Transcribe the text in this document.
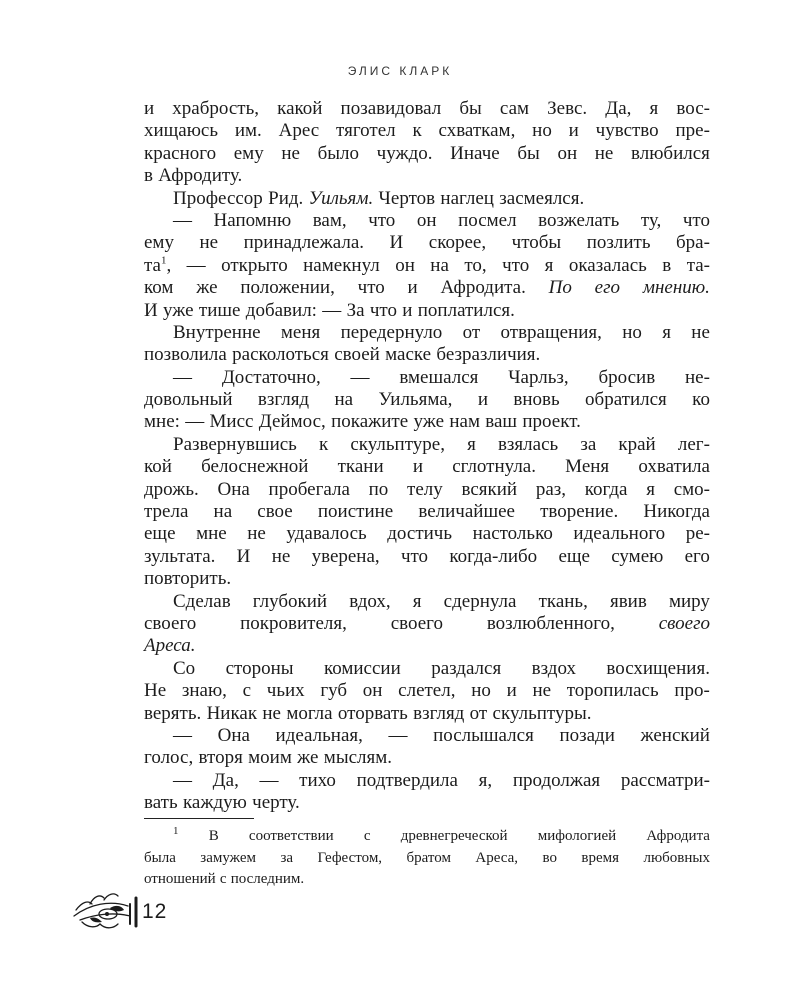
ЭЛИС КЛАРК
и храбрость, какой позавидовал бы сам Зевс. Да, я вос-
хищаюсь им. Арес тяготел к схваткам, но и чувство пре-
красного ему не было чуждо. Иначе бы он не влюбился
в Афродиту.
Профессор Рид. Уильям. Чертов наглец засмеялся.
— Напомню вам, что он посмел возжелать ту, что
ему не принадлежала. И скорее, чтобы позлить бра-
$та^1$, — открыто намекнул он на то, что я оказалась в та-
ком же положении, что и Афродита. По его мнению.
И уже тише добавил: — За что и поплатился.
Внутренне меня передернуло от отвращения, но я не
позволила расколоться своей маске безразличия.
— Достаточно, — вмешался Чарльз, бросив не-
довольный взгляд на Уильяма, и вновь обратился ко
мне: — Мисс Деймос, покажите уже нам ваш проект.
Развернувшись к скульптуре, я взялась за край лег-
кой белоснежной ткани и сглотнула. Меня охватила
дрожь. Она пробегала по телу всякий раз, когда я смо-
трела на свое поистине величайшее творение. Никогда
еще мне не удавалось достичь настолько идеального ре-
зультата. И не уверена, что когда-либо еще сумею его
повторить.
Сделав глубокий вдох, я сдернула ткань, явив миру
своего покровителя, своего возлюбленного, своего
Ареса.
Со стороны комиссии раздался вздох восхищения.
Не знаю, с чьих губ он слетел, но и не торопилась про-
верять. Никак не могла оторвать взгляд от скульптуры.
— Она идеальная, — послышался позади женский
голос, вторя моим же мыслям.
— Да, — тихо подтвердила я, продолжая рассматри-
вать каждую черту.
$^1$ В соответствии с древнегреческой мифологией Афродита
была замужем за Гефестом, братом Ареса, во время любовных
отношений с последним.
12
